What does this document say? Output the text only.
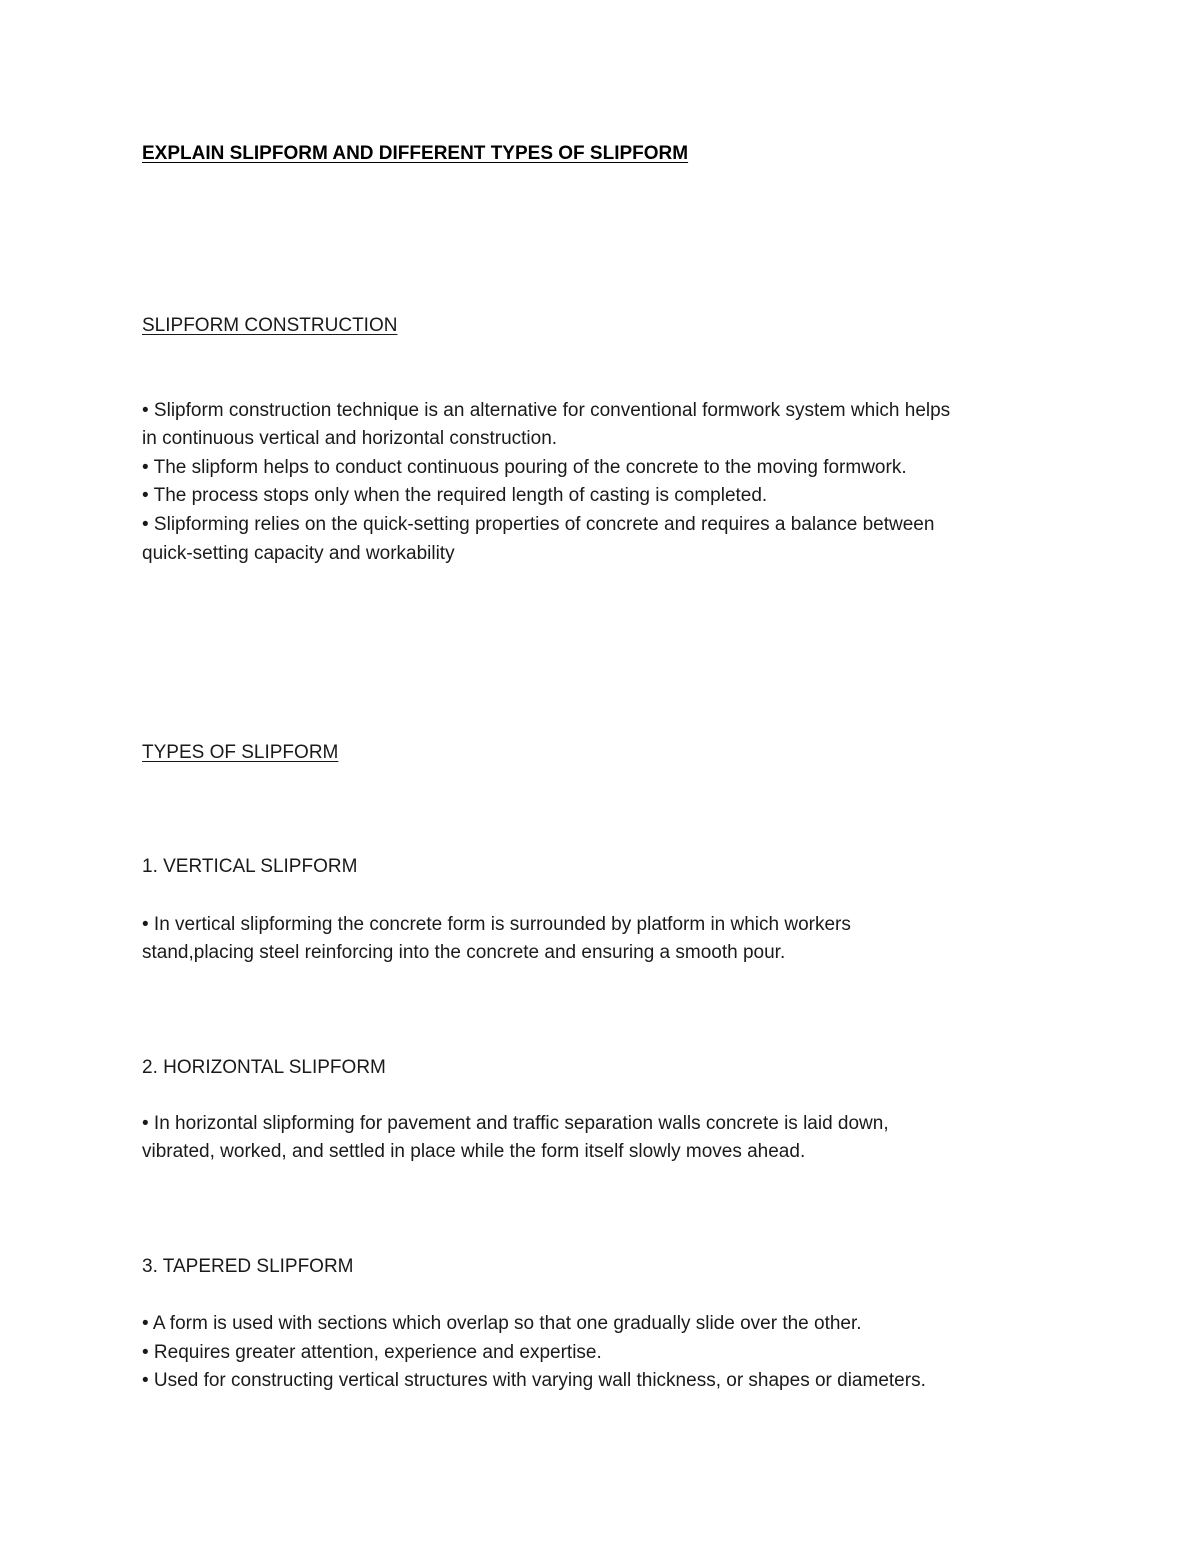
EXPLAIN SLIPFORM AND DIFFERENT TYPES OF SLIPFORM
SLIPFORM CONSTRUCTION
• Slipform construction technique is an alternative for conventional formwork system which helps
in continuous vertical and horizontal construction.
• The slipform helps to conduct continuous pouring of the concrete to the moving formwork.
• The process stops only when the required length of casting is completed.
• Slipforming relies on the quick-setting properties of concrete and requires a balance between
quick-setting capacity and workability
TYPES OF SLIPFORM
1. VERTICAL SLIPFORM
• In vertical slipforming the concrete form is surrounded by platform in which workers
stand,placing steel reinforcing into the concrete and ensuring a smooth pour.
2. HORIZONTAL SLIPFORM
• In horizontal slipforming for pavement and traffic separation walls concrete is laid down,
vibrated, worked, and settled in place while the form itself slowly moves ahead.
3. TAPERED SLIPFORM
• A form is used with sections which overlap so that one gradually slide over the other.
• Requires greater attention, experience and expertise.
• Used for constructing vertical structures with varying wall thickness, or shapes or diameters.
